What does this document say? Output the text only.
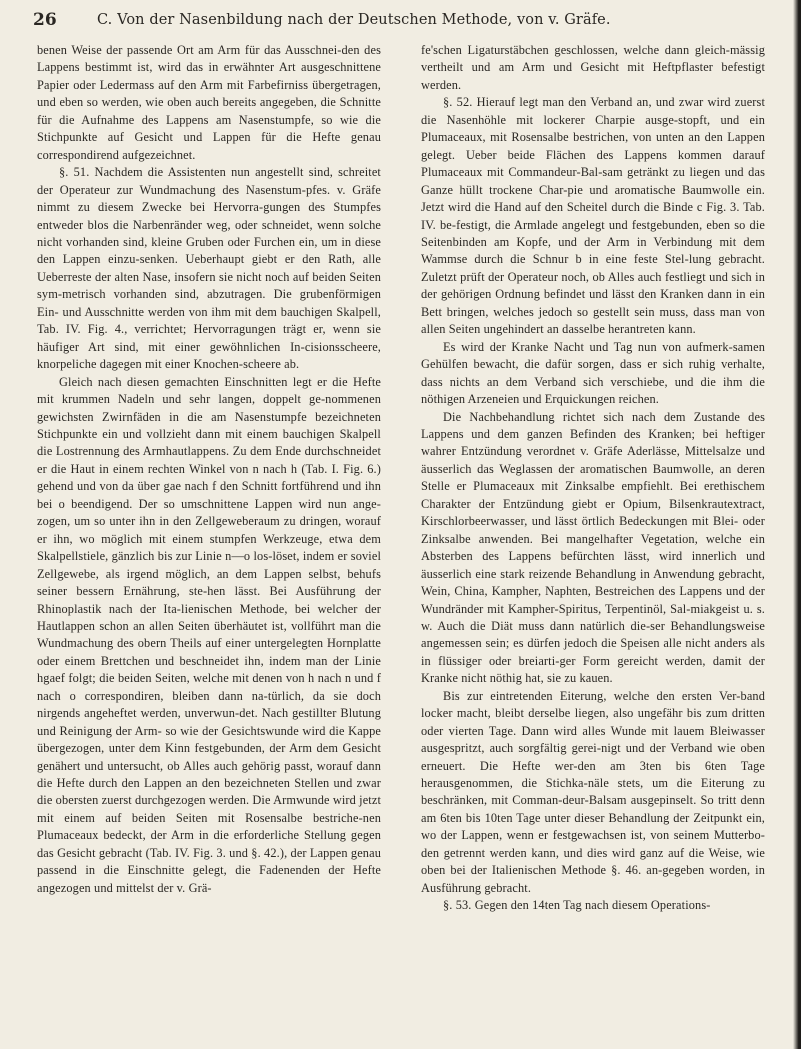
26	C. Von der Nasenbildung nach der Deutschen Methode, von v. Gräfe.

benen Weise der passende Ort am Arm für das Ausschnei-den des Lappens bestimmt ist, wird das in erwähnter Art ausgeschnittene Papier oder Ledermass auf den Arm mit Farbefirniss übergetragen, und eben so werden, wie oben auch bereits angegeben, die Schnitte für die Aufnahme des Lappens am Nasenstumpfe, so wie die Stichpunkte auf Gesicht und Lappen für die Hefte genau correspondirend aufgezeichnet.

§. 51. Nachdem die Assistenten nun angestellt sind, schreitet der Operateur zur Wundmachung des Nasenstum-pfes. v. Gräfe nimmt zu diesem Zwecke bei Hervorra-gungen des Stumpfes entweder blos die Narbenränder weg, oder schneidet, wenn solche nicht vorhanden sind, kleine Gruben oder Furchen ein, um in diese den Lappen einzu-senken. Ueberhaupt giebt er den Rath, alle Ueberreste der alten Nase, insofern sie nicht noch auf beiden Seiten sym-metrisch vorhanden sind, abzutragen. Die grubenförmigen Ein- und Ausschnitte werden von ihm mit dem bauchigen Skalpell, Tab. IV. Fig. 4., verrichtet; Hervorragungen trägt er, wenn sie häufiger Art sind, mit einer gewöhnlichen In-cisionsscheere, knorpeliche dagegen mit einer Knochen-scheere ab.

Gleich nach diesen gemachten Einschnitten legt er die Hefte mit krummen Nadeln und sehr langen, doppelt ge-nommenen gewichsten Zwirnfäden in die am Nasenstumpfe bezeichneten Stichpunkte ein und vollzieht dann mit einem bauchigen Skalpell die Lostrennung des Armhautlappens. Zu dem Ende durchschneidet er die Haut in einem rechten Winkel von n nach h (Tab. I. Fig. 6.) gehend und von da über gae nach f den Schnitt fortführend und ihn bei o beendigend. Der so umschnittene Lappen wird nun ange-zogen, um so unter ihn in den Zellgeweberaum zu dringen, worauf er ihn, wo möglich mit einem stumpfen Werkzeuge, etwa dem Skalpellstiele, gänzlich bis zur Linie n—o los-löset, indem er soviel Zellgewebe, als irgend möglich, an dem Lappen selbst, behufs seiner bessern Ernährung, ste-hen lässt. Bei Ausführung der Rhinoplastik nach der Ita-lienischen Methode, bei welcher der Hautlappen schon an allen Seiten überhäutet ist, vollführt man die Wundmachung des obern Theils auf einer untergelegten Hornplatte oder einem Brettchen und beschneidet ihn, indem man der Linie hgaef folgt; die beiden Seiten, welche mit denen von h nach n und f nach o correspondiren, bleiben dann na-türlich, da sie doch nirgends angeheftet werden, unverwun-det. Nach gestillter Blutung und Reinigung der Arm- so wie der Gesichtswunde wird die Kappe übergezogen, unter dem Kinn festgebunden, der Arm dem Gesicht genähert und untersucht, ob Alles auch gehörig passt, worauf dann die Hefte durch den Lappen an den bezeichneten Stellen und zwar die obersten zuerst durchgezogen werden. Die Armwunde wird jetzt mit einem auf beiden Seiten mit Rosensalbe bestriche-nen Plumaceaux bedeckt, der Arm in die erforderliche Stellung gegen das Gesicht gebracht (Tab. IV. Fig. 3. und §. 42.), der Lappen genau passend in die Einschnitte gelegt, die Fadenenden der Hefte angezogen und mittelst der v. Grä-

fe'schen Ligaturstäbchen geschlossen, welche dann gleich-mässig vertheilt und am Arm und Gesicht mit Heftpflaster befestigt werden.

§. 52. Hierauf legt man den Verband an, und zwar wird zuerst die Nasenhöhle mit lockerer Charpie ausge-stopft, und ein Plumaceaux, mit Rosensalbe bestrichen, von unten an den Lappen gelegt. Ueber beide Flächen des Lappens kommen darauf Plumaceaux mit Commandeur-Bal-sam getränkt zu liegen und das Ganze hüllt trockene Char-pie und aromatische Baumwolle ein. Jetzt wird die Hand auf den Scheitel durch die Binde c Fig. 3. Tab. IV. be-festigt, die Armlade angelegt und festgebunden, eben so die Seitenbinden am Kopfe, und der Arm in Verbindung mit dem Wammse durch die Schnur b in eine feste Stel-lung gebracht. Zuletzt prüft der Operateur noch, ob Alles auch festliegt und sich in der gehörigen Ordnung befindet und lässt den Kranken dann in ein Bett bringen, welches jedoch so gestellt sein muss, dass man von allen Seiten ungehindert an dasselbe herantreten kann.

Es wird der Kranke Nacht und Tag nun von aufmerk-samen Gehülfen bewacht, die dafür sorgen, dass er sich ruhig verhalte, dass nichts an dem Verband sich verschiebe, und die ihm die nöthigen Arzeneien und Erquickungen reichen.

Die Nachbehandlung richtet sich nach dem Zustande des Lappens und dem ganzen Befinden des Kranken; bei heftiger wahrer Entzündung verordnet v. Gräfe Aderlässe, Mittelsalze und äusserlich das Weglassen der aromatischen Baumwolle, an deren Stelle er Plumaceaux mit Zinksalbe empfiehlt. Bei erethischem Charakter der Entzündung giebt er Opium, Bilsenkrautextract, Kirschlorbeerwasser, und lässt örtlich Bedeckungen mit Blei- oder Zinksalbe anwenden. Bei mangelhafter Vegetation, welche ein Absterben des Lappens befürchten lässt, wird innerlich und äusserlich eine stark reizende Behandlung in Anwendung gebracht, Wein, China, Kampher, Naphten, Bestreichen des Lappens und der Wundränder mit Kampher-Spiritus, Terpentinöl, Sal-miakgeist u. s. w. Auch die Diät muss dann natürlich die-ser Behandlungsweise angemessen sein; es dürfen jedoch die Speisen alle nicht anders als in flüssiger oder breiarti-ger Form gereicht werden, damit der Kranke nicht nöthig hat, sie zu kauen.

Bis zur eintretenden Eiterung, welche den ersten Ver-band locker macht, bleibt derselbe liegen, also ungefähr bis zum dritten oder vierten Tage. Dann wird alles Wunde mit lauem Bleiwasser ausgespritzt, auch sorgfältig gerei-nigt und der Verband wie oben erneuert. Die Hefte wer-den am 3ten bis 6ten Tage herausgenommen, die Stichka-näle stets, um die Eiterung zu beschränken, mit Comman-deur-Balsam ausgepinselt. So tritt denn am 6ten bis 10ten Tage unter dieser Behandlung der Zeitpunkt ein, wo der Lappen, wenn er festgewachsen ist, von seinem Mutterbo-den getrennt werden kann, und dies wird ganz auf die Weise, wie oben bei der Italienischen Methode §. 46. an-gegeben worden, in Ausführung gebracht.

§. 53. Gegen den 14ten Tag nach diesem Operations-
